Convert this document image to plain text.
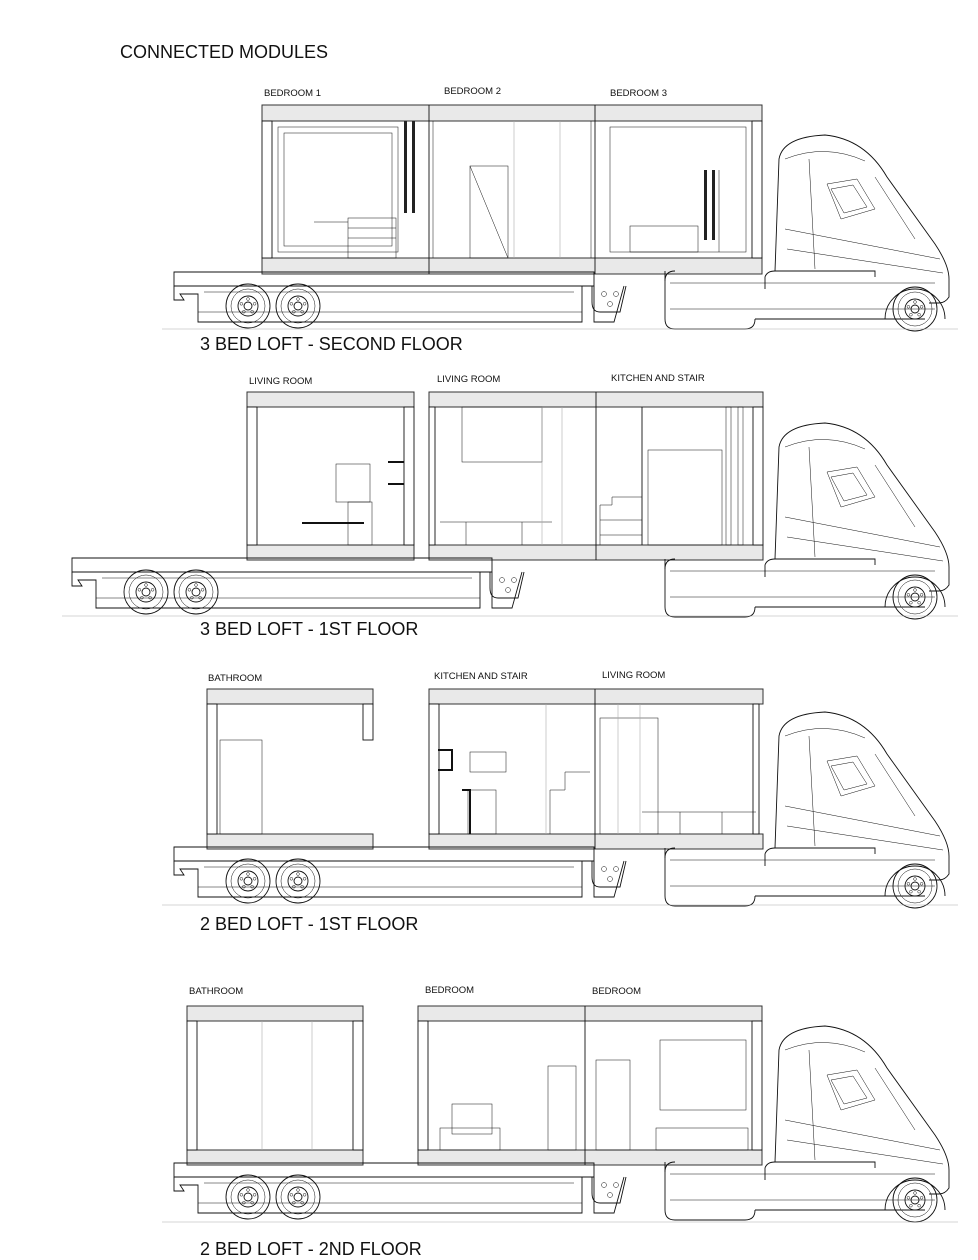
CONNECTED MODULES
BEDROOM 1	BEDROOM 2	BEDROOM 3
3 BED LOFT - SECOND FLOOR
LIVING ROOM	LIVING ROOM	KITCHEN AND STAIR
3 BED LOFT - 1ST FLOOR
BATHROOM	KITCHEN AND STAIR	LIVING ROOM
2 BED LOFT - 1ST FLOOR
BATHROOM	BEDROOM	BEDROOM
2 BED LOFT - 2ND FLOOR
